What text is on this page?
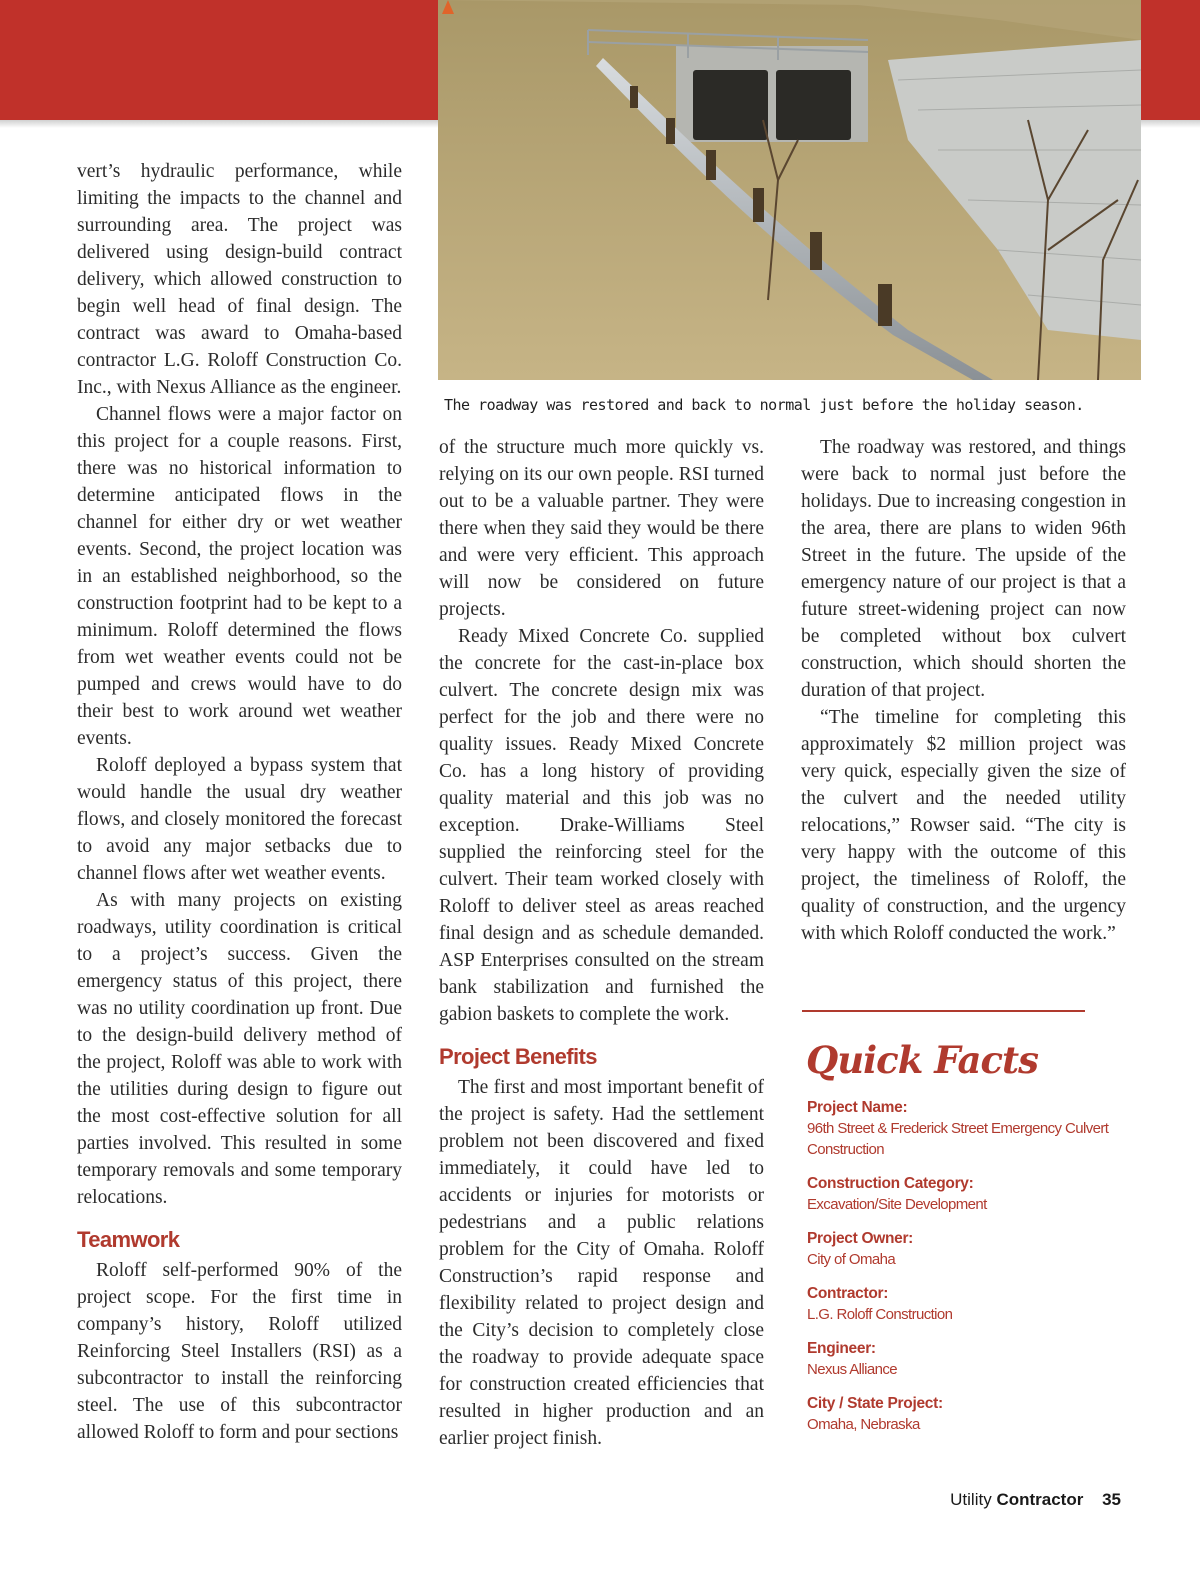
The roadway was restored and back to normal just before the holiday season.

vert’s hydraulic performance, while limiting the impacts to the channel and surrounding area. The project was delivered using design-build contract delivery, which allowed construction to begin well head of final design. The contract was award to Omaha-based contractor L.G. Roloff Construction Co. Inc., with Nexus Alliance as the engineer.

Channel flows were a major factor on this project for a couple reasons. First, there was no historical information to determine anticipated flows in the channel for either dry or wet weather events. Second, the project location was in an established neighborhood, so the construction footprint had to be kept to a minimum. Roloff determined the flows from wet weather events could not be pumped and crews would have to do their best to work around wet weather events.

Roloff deployed a bypass system that would handle the usual dry weather flows, and closely monitored the forecast to avoid any major setbacks due to channel flows after wet weather events.

As with many projects on existing roadways, utility coordination is critical to a project’s success. Given the emergency status of this project, there was no utility coordination up front. Due to the design-build delivery method of the project, Roloff was able to work with the utilities during design to figure out the most cost-effective solution for all parties involved. This resulted in some temporary removals and some temporary relocations.

Teamwork

Roloff self-performed 90% of the project scope. For the first time in company’s history, Roloff utilized Reinforcing Steel Installers (RSI) as a subcontractor to install the reinforcing steel. The use of this subcontractor allowed Roloff to form and pour sections

of the structure much more quickly vs. relying on its our own people. RSI turned out to be a valuable partner. They were there when they said they would be there and were very efficient. This approach will now be considered on future projects.

Ready Mixed Concrete Co. supplied the concrete for the cast-in-place box culvert. The concrete design mix was perfect for the job and there were no quality issues. Ready Mixed Concrete Co. has a long history of providing quality material and this job was no exception. Drake-Williams Steel supplied the reinforcing steel for the culvert. Their team worked closely with Roloff to deliver steel as areas reached final design and as schedule demanded. ASP Enterprises consulted on the stream bank stabilization and furnished the gabion baskets to complete the work.

Project Benefits

The first and most important benefit of the project is safety. Had the settlement problem not been discovered and fixed immediately, it could have led to accidents or injuries for motorists or pedestrians and a public relations problem for the City of Omaha. Roloff Construction’s rapid response and flexibility related to project design and the City’s decision to completely close the roadway to provide adequate space for construction created efficiencies that resulted in higher production and an earlier project finish.

The roadway was restored, and things were back to normal just before the holidays. Due to increasing congestion in the area, there are plans to widen 96th Street in the future. The upside of the emergency nature of our project is that a future street-widening project can now be completed without box culvert construction, which should shorten the duration of that project.

“The timeline for completing this approximately $2 million project was very quick, especially given the size of the culvert and the needed utility relocations,” Rowser said. “The city is very happy with the outcome of this project, the timeliness of Roloff, the quality of construction, and the urgency with which Roloff conducted the work.”

Quick Facts
Project Name:
96th Street & Frederick Street Emergency Culvert Construction
Construction Category:
Excavation/Site Development
Project Owner:
City of Omaha
Contractor:
L.G. Roloff Construction
Engineer:
Nexus Alliance
City / State Project:
Omaha, Nebraska
Utility Contractor 35
